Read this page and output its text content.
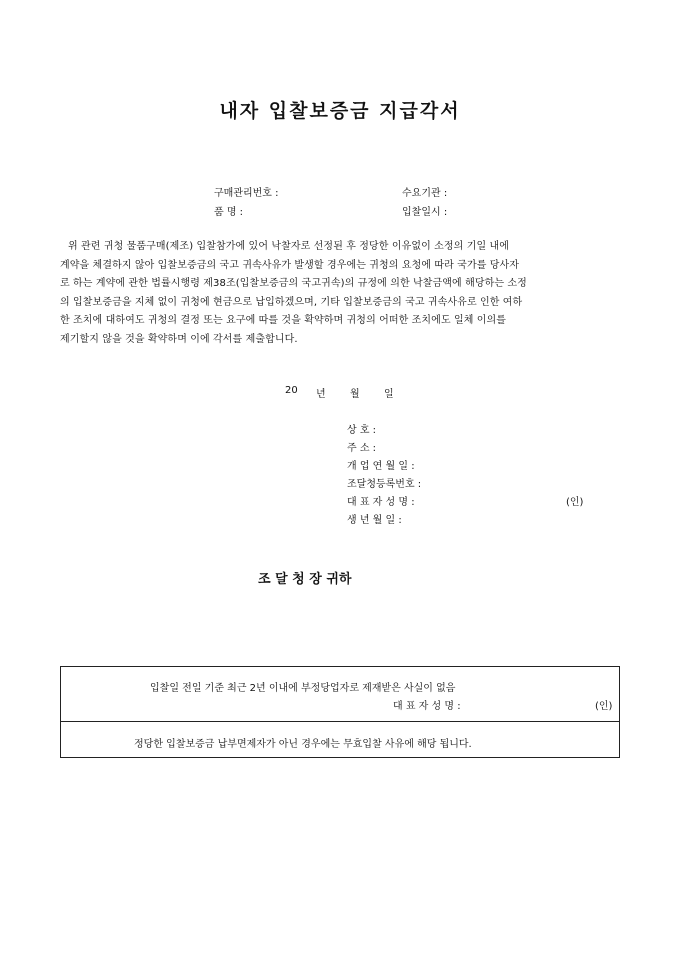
내자 입찰보증금 지급각서
구매관리번호 :	수요기관 :
품 명 :	입찰일시 :
위 관련 귀청 물품구매(제조) 입찰참가에 있어 낙찰자로 선정된 후 정당한 이유없이 소정의 기일 내에
계약을 체결하지 않아 입찰보증금의 국고 귀속사유가 발생할 경우에는 귀청의 요청에 따라 국가를 당사자
로 하는 계약에 관한 법률시행령 제38조(입찰보증금의 국고귀속)의 규정에 의한 낙찰금액에 해당하는 소정
의 입찰보증금을 지체 없이 귀청에 현금으로 납입하겠으며, 기타 입찰보증금의 국고 귀속사유로 인한 여하
한 조치에 대하여도 귀청의 결정 또는 요구에 따를 것을 확약하며 귀청의 어떠한 조치에도 일체 이의를
제기할지 않을 것을 확약하며 이에 각서를 제출합니다.
20 년 월 일
상 호 :
주 소 :
개 업 연 월 일 :
조달청등록번호 :
대 표 자 성 명 :	(인)
생 년 월 일 :
조 달 청 장 귀하
입찰일 전일 기준 최근 2년 이내에 부정당업자로 제재받은 사실이 없음
대 표 자 성 명 :	(인)
정당한 입찰보증금 납부면제자가 아닌 경우에는 무효입찰 사유에 해당 됩니다.
